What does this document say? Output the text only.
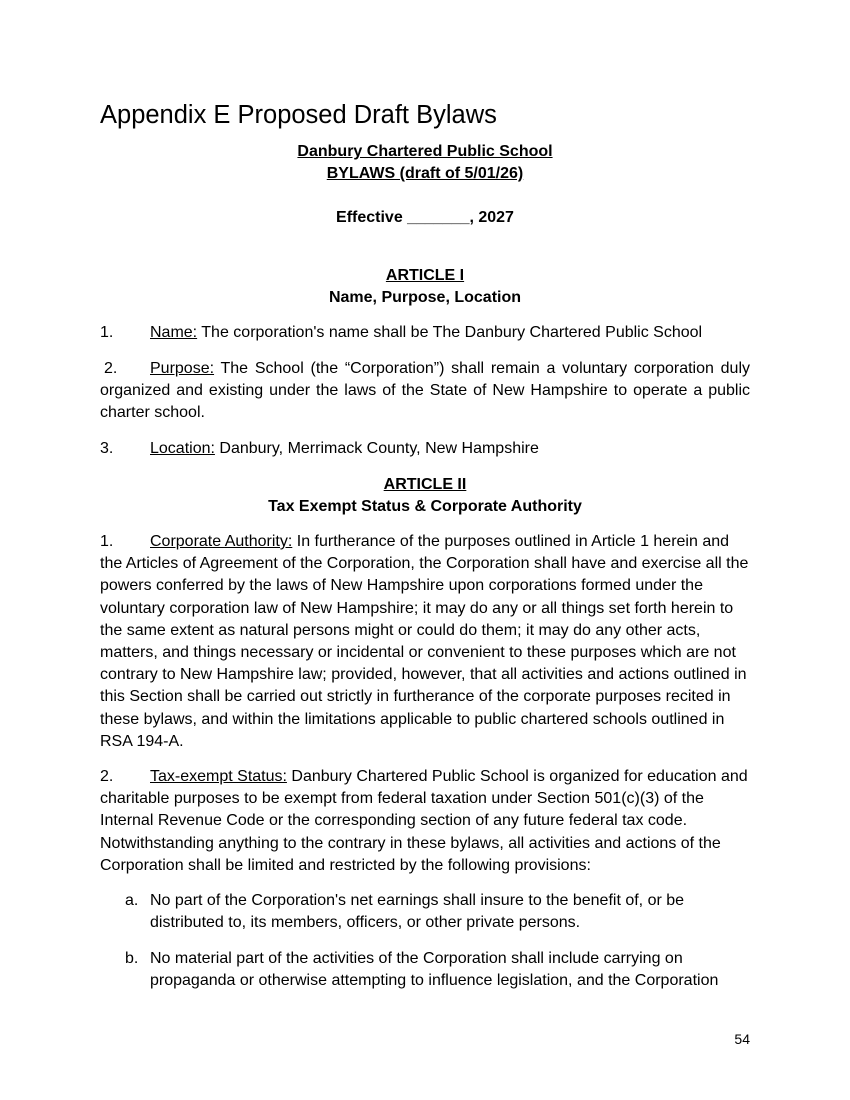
Appendix E Proposed Draft Bylaws
Danbury Chartered Public School
BYLAWS (draft of 5/01/26)
Effective _______, 2027
ARTICLE I
Name, Purpose, Location
1. Name: The corporation's name shall be The Danbury Chartered Public School
2. Purpose: The School (the “Corporation”) shall remain a voluntary corporation duly organized and existing under the laws of the State of New Hampshire to operate a public charter school.
3. Location: Danbury, Merrimack County, New Hampshire
ARTICLE II
Tax Exempt Status & Corporate Authority
1. Corporate Authority: In furtherance of the purposes outlined in Article 1 herein and the Articles of Agreement of the Corporation, the Corporation shall have and exercise all the powers conferred by the laws of New Hampshire upon corporations formed under the voluntary corporation law of New Hampshire; it may do any or all things set forth herein to the same extent as natural persons might or could do them; it may do any other acts, matters, and things necessary or incidental or convenient to these purposes which are not contrary to New Hampshire law; provided, however, that all activities and actions outlined in this Section shall be carried out strictly in furtherance of the corporate purposes recited in these bylaws, and within the limitations applicable to public chartered schools outlined in RSA 194-A.
2. Tax-exempt Status: Danbury Chartered Public School is organized for education and charitable purposes to be exempt from federal taxation under Section 501(c)(3) of the Internal Revenue Code or the corresponding section of any future federal tax code. Notwithstanding anything to the contrary in these bylaws, all activities and actions of the Corporation shall be limited and restricted by the following provisions:
a. No part of the Corporation's net earnings shall insure to the benefit of, or be distributed to, its members, officers, or other private persons.
b. No material part of the activities of the Corporation shall include carrying on propaganda or otherwise attempting to influence legislation, and the Corporation
54
